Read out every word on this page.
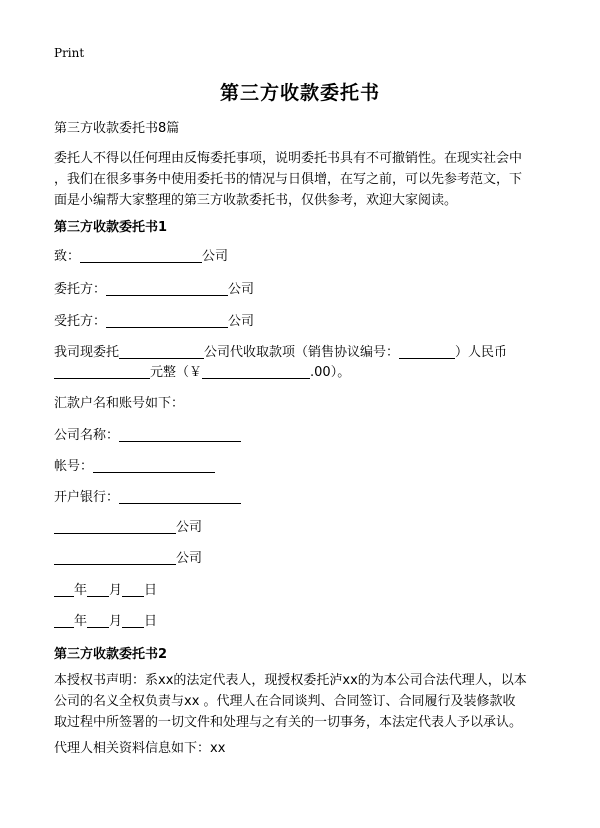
Print
第三方收款委托书
第三方收款委托书8篇
委托人不得以任何理由反悔委托事项，说明委托书具有不可撤销性。在现实社会中
，我们在很多事务中使用委托书的情况与日俱增，在写之前，可以先参考范文，下
面是小编帮大家整理的第三方收款委托书，仅供参考，欢迎大家阅读。
第三方收款委托书1
致：	公司
委托方：	公司
受托方：	公司
我司现委托	公司代收取款项（销售协议编号：	）人民币
元整（￥	.00）。
汇款户名和账号如下：
公司名称：
帐号：
开户银行：
公司
公司
年 月 日
年 月 日
第三方收款委托书2
本授权书声明：系xx的法定代表人，现授权委托泸xx的为本公司合法代理人，以本
公司的名义全权负责与xx 。代理人在合同谈判、合同签订、合同履行及装修款收
取过程中所签署的一切文件和处理与之有关的一切事务，本法定代表人予以承认。
代理人相关资料信息如下：xx
